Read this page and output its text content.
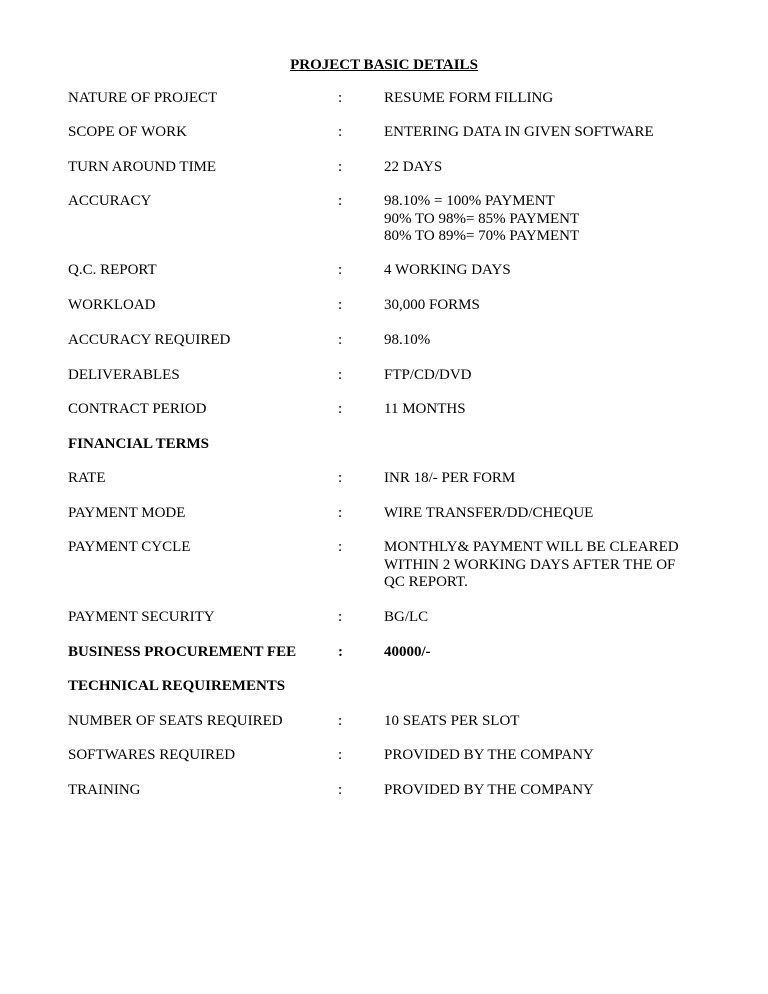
PROJECT BASIC DETAILS
NATURE OF PROJECT	:	RESUME FORM FILLING
SCOPE OF WORK	:	ENTERING DATA IN GIVEN SOFTWARE
TURN AROUND TIME	:	22 DAYS
ACCURACY	:	98.10% = 100% PAYMENT
90% TO 98%= 85% PAYMENT
80% TO 89%= 70% PAYMENT
Q.C. REPORT	:	4 WORKING DAYS
WORKLOAD	:	30,000 FORMS
ACCURACY REQUIRED	:	98.10%
DELIVERABLES	:	FTP/CD/DVD
CONTRACT PERIOD	:	11 MONTHS
FINANCIAL TERMS
RATE	:	INR 18/- PER FORM
PAYMENT MODE	:	WIRE TRANSFER/DD/CHEQUE
PAYMENT CYCLE	:	MONTHLY& PAYMENT WILL BE CLEARED
WITHIN 2 WORKING DAYS AFTER THE OF
QC REPORT.
PAYMENT SECURITY	:	BG/LC
BUSINESS PROCUREMENT FEE	:	40000/-
TECHNICAL REQUIREMENTS
NUMBER OF SEATS REQUIRED	:	10 SEATS PER SLOT
SOFTWARES REQUIRED	:	PROVIDED BY THE COMPANY
TRAINING	:	PROVIDED BY THE COMPANY
